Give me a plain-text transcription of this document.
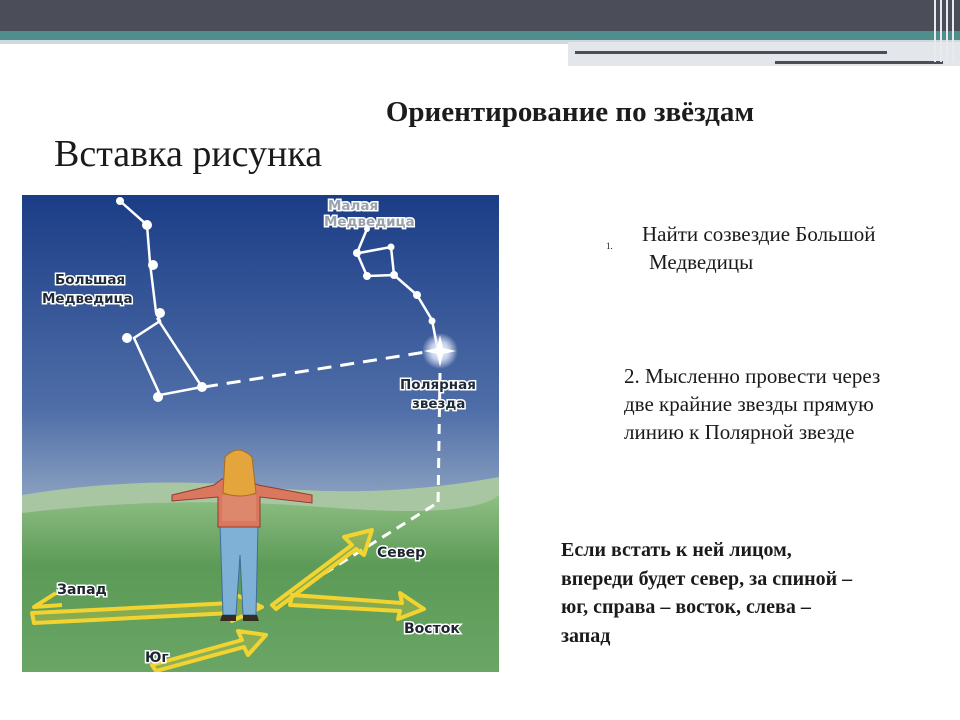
Ориентирование по звёздам
Вставка рисунка
Малая
Медведица
Большая
Медведица
Полярная
звезда
Север
Запад
Восток
Юг
1. Найти созвездие Большой
Медведицы
2. Мысленно провести через
две крайние звезды прямую
линию к Полярной звезде
Если встать к ней лицом,
впереди будет север, за спиной –
юг, справа – восток, слева –
запад
